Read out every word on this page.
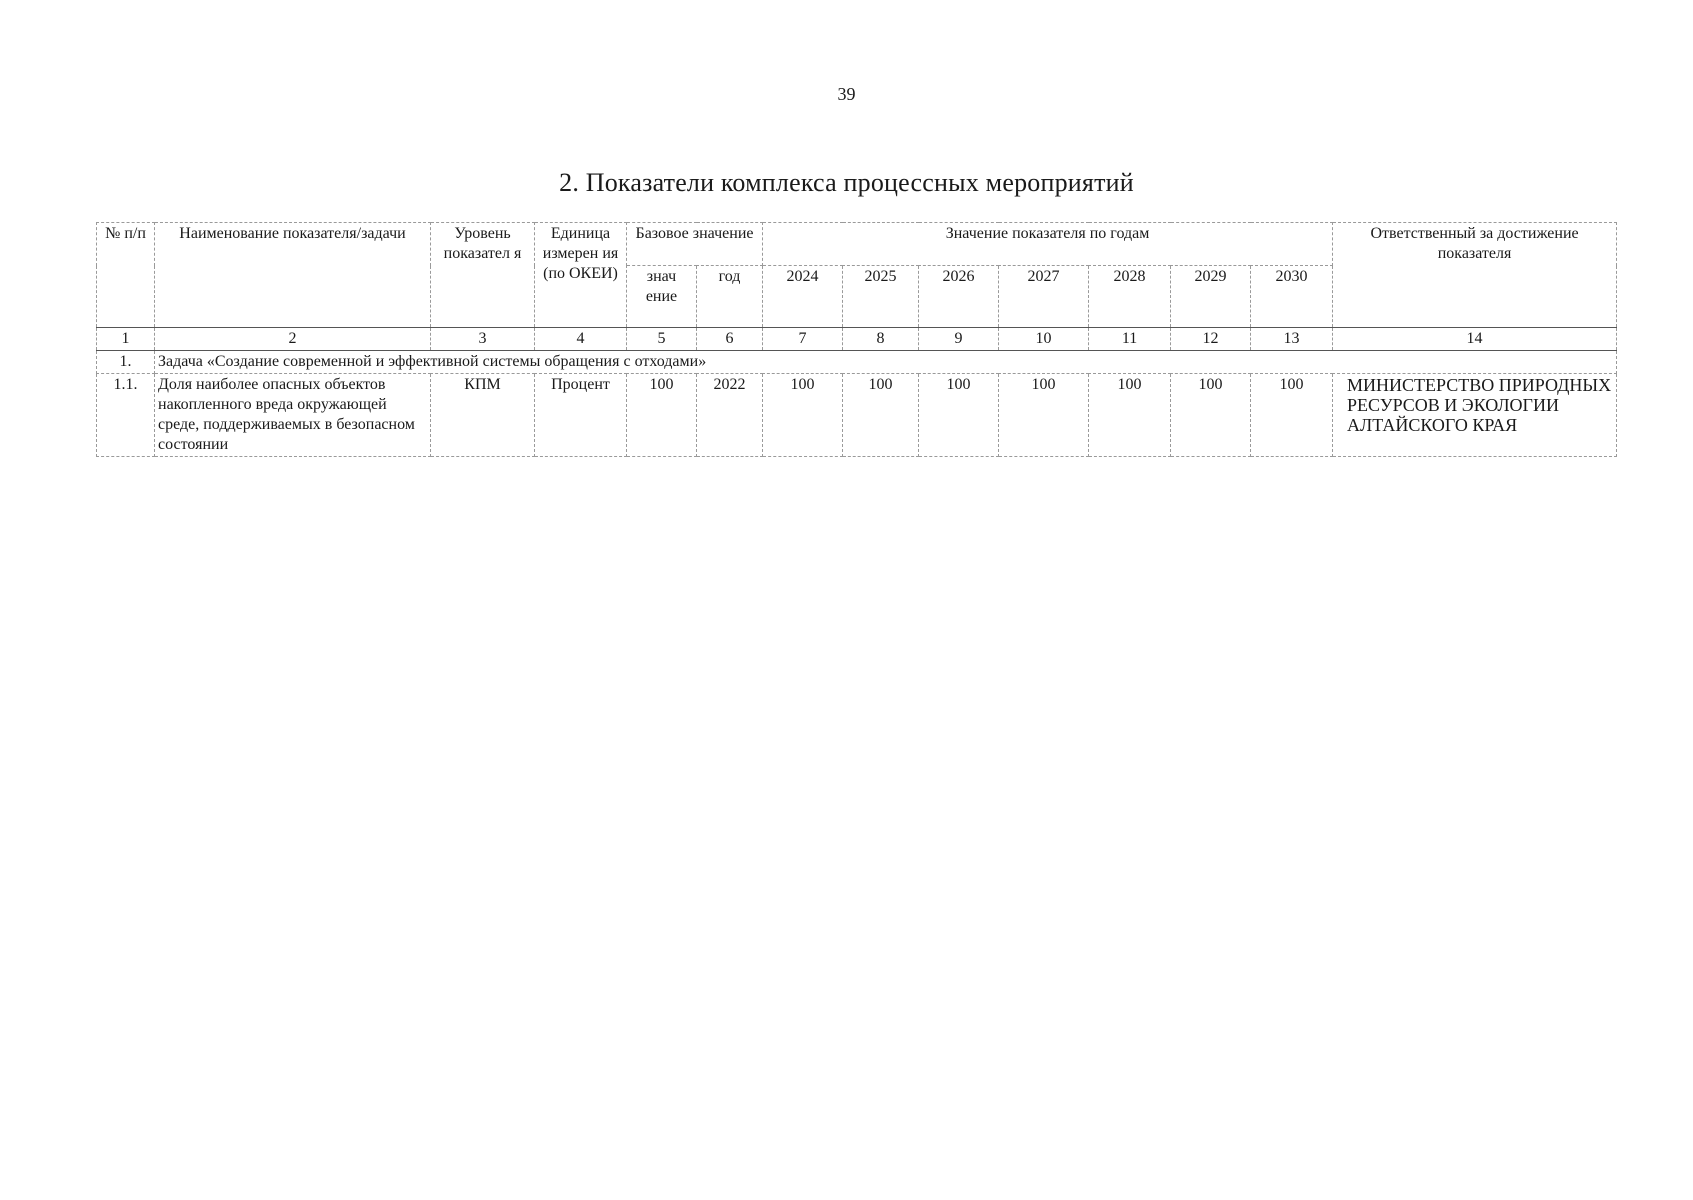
39
2. Показатели комплекса процессных мероприятий
№ п/п	Наименование показателя/задачи	Уровень показател я	Единица измерен ия (по ОКЕИ)	Базовое значение		Значение показателя по годам							Ответственный за достижение показателя
				знач ение	год	2024	2025	2026	2027	2028	2029	2030	
1	2	3	4	5	6	7	8	9	10	11	12	13	14
1.	Задача «Создание современной и эффективной системы обращения с отходами»												
1.1.	Доля наиболее опасных объектов накопленного вреда окружающей среде, поддерживаемых в безопасном состоянии	КПМ	Процент	100	2022	100	100	100	100	100	100	100	МИНИСТЕРСТВО ПРИРОДНЫХ РЕСУРСОВ И ЭКОЛОГИИ АЛТАЙСКОГО КРАЯ
